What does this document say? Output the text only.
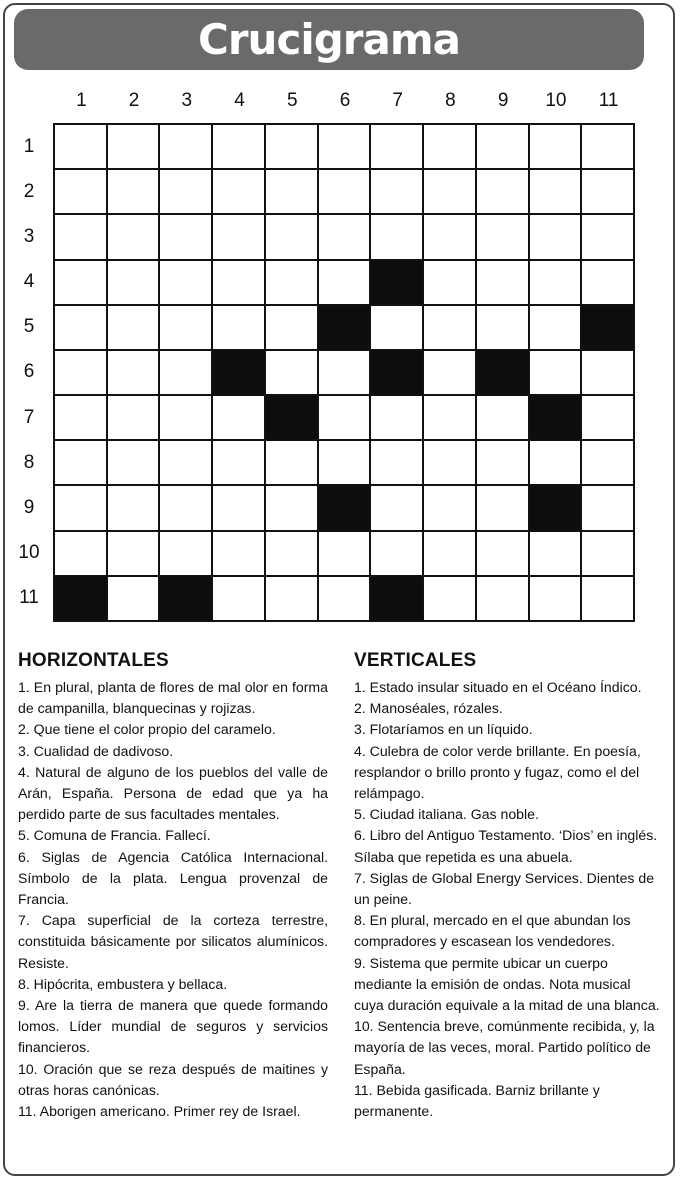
Crucigrama
1	2	3	4	5	6	7	8	9	10	11
1
2
3
4
5
6
7
8
9
10
11
HORIZONTALES

1. En plural, planta de flores de mal olor en forma de campanilla, blanquecinas y rojizas.

2. Que tiene el color propio del caramelo.

3. Cualidad de dadivoso.

4. Natural de alguno de los pueblos del valle de Arán, España. Persona de edad que ya ha perdido parte de sus facultades mentales.

5. Comuna de Francia. Fallecí.

6. Siglas de Agencia Católica Internacional. Símbolo de la plata. Lengua provenzal de Francia.

7. Capa superficial de la corteza terrestre, constituida básicamente por silicatos alumínicos. Resiste.

8. Hipócrita, embustera y bellaca.

9. Are la tierra de manera que quede formando lomos. Líder mundial de seguros y servicios financieros.

10. Oración que se reza después de maitines y otras horas canónicas.

11. Aborigen americano. Primer rey de Israel.

VERTICALES

1. Estado insular situado en el Océano Índico.

2. Manoséales, rózales.

3. Flotaríamos en un líquido.

4. Culebra de color verde brillante. En poesía, resplandor o brillo pronto y fugaz, como el del relámpago.

5. Ciudad italiana. Gas noble.

6. Libro del Antiguo Testamento. ‘Dios’ en inglés. Sílaba que repetida es una abuela.

7. Siglas de Global Energy Services. Dientes de un peine.

8. En plural, mercado en el que abundan los compradores y escasean los vendedores.

9. Sistema que permite ubicar un cuerpo mediante la emisión de ondas. Nota musical cuya duración equivale a la mitad de una blanca.

10. Sentencia breve, comúnmente recibida, y, la mayoría de las veces, moral. Partido político de España.

11. Bebida gasificada. Barniz brillante y permanente.
